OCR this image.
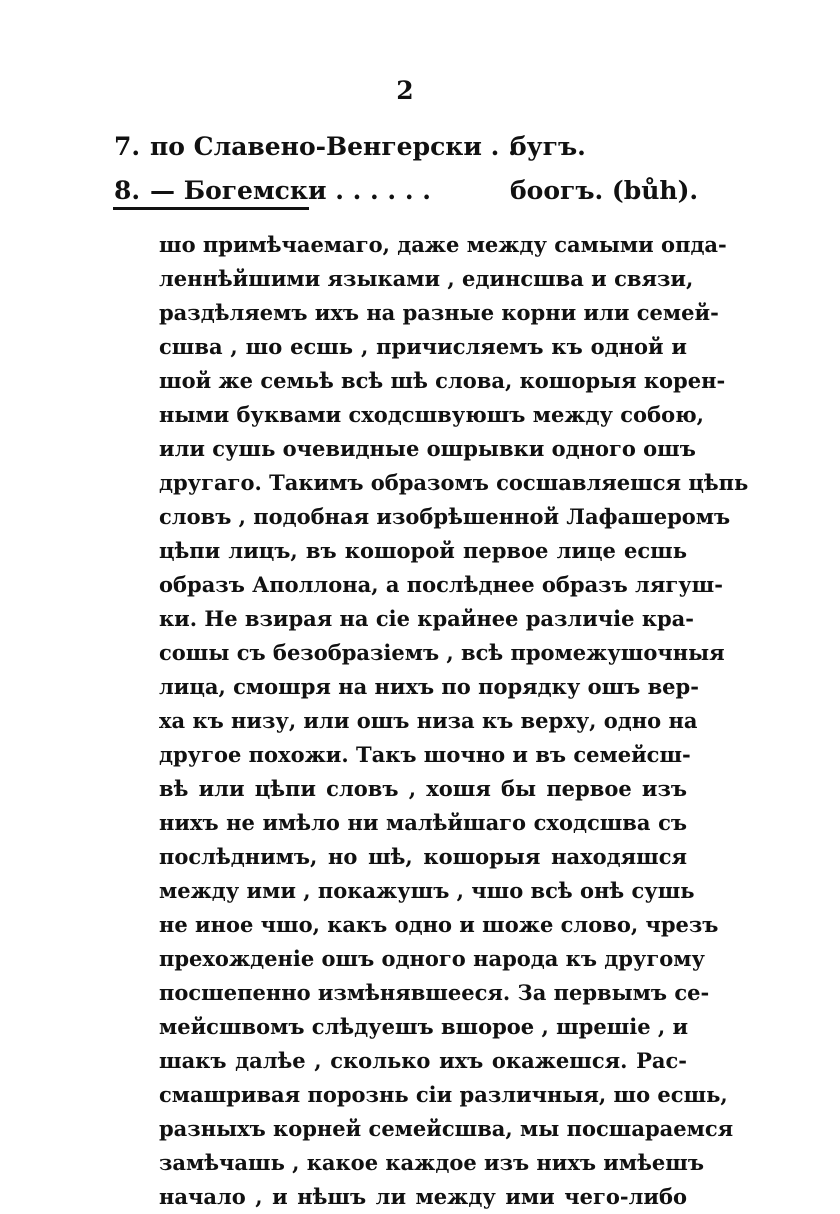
2
7. по Славено-Венгерски . .
бугъ.
8. — Богемски . . . . . .	боогъ. (bůh).
шо примѣчаемаго, даже между самыми опда-
леннѣйшими языками , единсшва и связи,
раздѣляемъ ихъ на разные корни или семей-
сшва , шо есшь , причисляемъ къ одной и
шой же семьѣ всѣ шѣ слова, кошорыя корен-
ными буквами сходсшвуюшъ между собою,
или сушь очевидные ошрывки одного ошъ
другаго. Такимъ образомъ сосшавляешся цѣпь
словъ , подобная изобрѣшенной Лафашеромъ
цѣпи лицъ, въ кошорой первое лице есшь
образъ Аполлона, а послѣднее образъ лягуш-
ки. Не взирая на сiе крайнее различiе кра-
сошы съ безобразiемъ , всѣ промежушочныя
лица, смошря на нихъ по порядку ошъ вер-
ха къ низу, или ошъ низа къ верху, одно на
другое похожи. Такъ шочно и въ семейсш-
вѣ или цѣпи словъ , хошя бы первое изъ
нихъ не имѣло ни малѣйшаго сходсшва съ
послѣднимъ, но шѣ, кошорыя находяшся
между ими , покажушъ , чшо всѣ онѣ сушь
не иное чшо, какъ одно и шоже слово, чрезъ
прехожденiе ошъ одного народа къ другому
посшепенно измѣнявшееся. За первымъ се-
мейсшвомъ слѣдуешъ вшорое , шрешiе , и
шакъ далѣе , сколько ихъ окажешся. Рас-
смашривая порознь сiи различныя, шо есшь,
разныхъ корней семейсшва, мы посшараемся
замѣчашь , какое каждое изъ нихъ имѣешъ
начало , и нѣшъ ли между ими чего-либо
